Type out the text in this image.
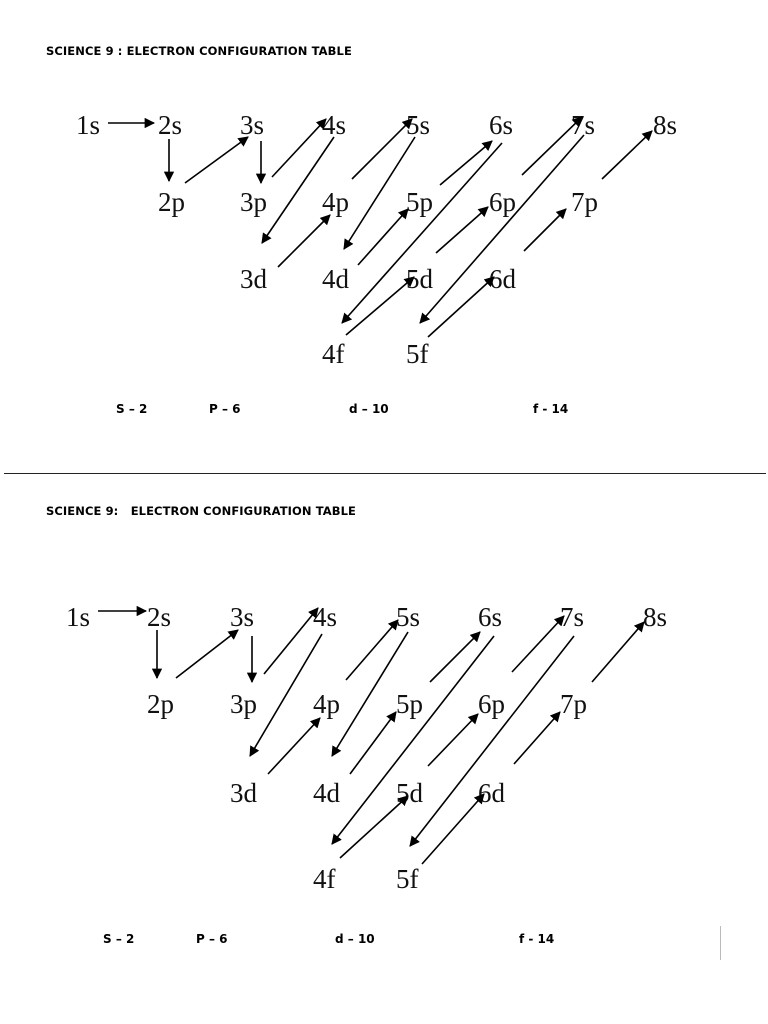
SCIENCE 9 : ELECTRON CONFIGURATION TABLE
1s 2s 3s 4s 5s 6s 7s 8s
2p 3p 4p 5p 6p 7p
3d 4d 5d 6d
4f 5f
S – 2	P – 6	d – 10	f - 14
SCIENCE 9:   ELECTRON CONFIGURATION TABLE
1s 2s 3s 4s 5s 6s 7s 8s
2p 3p 4p 5p 6p 7p
3d 4d 5d 6d
4f 5f
S – 2	P – 6	d – 10	f - 14
